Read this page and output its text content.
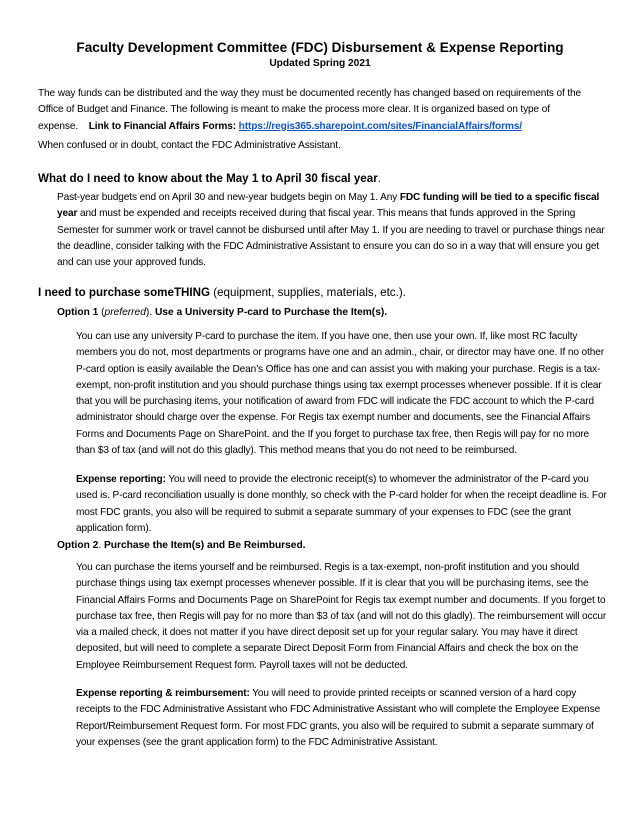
Faculty Development Committee (FDC) Disbursement & Expense Reporting
Updated Spring 2021

The way funds can be distributed and the way they must be documented recently has changed based on requirements of the Office of Budget and Finance. The following is meant to make the process more clear. It is organized based on type of expense. Link to Financial Affairs Forms: https://regis365.sharepoint.com/sites/FinancialAffairs/forms/

When confused or in doubt, contact the FDC Administrative Assistant.

What do I need to know about the May 1 to April 30 fiscal year.

Past-year budgets end on April 30 and new-year budgets begin on May 1. Any FDC funding will be tied to a specific fiscal year and must be expended and receipts received during that fiscal year. This means that funds approved in the Spring Semester for summer work or travel cannot be disbursed until after May 1. If you are needing to travel or purchase things near the deadline, consider talking with the FDC Administrative Assistant to ensure you can do so in a way that will ensure you get and can use your approved funds.

I need to purchase someTHING (equipment, supplies, materials, etc.).

Option 1 (preferred). Use a University P-card to Purchase the Item(s).

You can use any university P-card to purchase the item. If you have one, then use your own. If, like most RC faculty members you do not, most departments or programs have one and an admin., chair, or director may have one. If no other P-card option is easily available the Dean’s Office has one and can assist you with making your purchase. Regis is a tax-exempt, non-profit institution and you should purchase things using tax exempt processes whenever possible. If it is clear that you will be purchasing items, your notification of award from FDC will indicate the FDC account to which the P-card administrator should charge over the expense. For Regis tax exempt number and documents, see the Financial Affairs Forms and Documents Page on SharePoint. and the If you forget to purchase tax free, then Regis will pay for no more than $3 of tax (and will not do this gladly). This method means that you do not need to be reimbursed.

Expense reporting: You will need to provide the electronic receipt(s) to whomever the administrator of the P-card you used is. P-card reconciliation usually is done monthly, so check with the P-card holder for when the receipt deadline is. For most FDC grants, you also will be required to submit a separate summary of your expenses to FDC (see the grant application form).

Option 2. Purchase the Item(s) and Be Reimbursed.

You can purchase the items yourself and be reimbursed. Regis is a tax-exempt, non-profit institution and you should purchase things using tax exempt processes whenever possible. If it is clear that you will be purchasing items, see the Financial Affairs Forms and Documents Page on SharePoint for Regis tax exempt number and documents. If you forget to purchase tax free, then Regis will pay for no more than $3 of tax (and will not do this gladly). The reimbursement will occur via a mailed check, it does not matter if you have direct deposit set up for your regular salary. You may have it direct deposited, but will need to complete a separate Direct Deposit Form from Financial Affairs and check the box on the Employee Reimbursement Request form. Payroll taxes will not be deducted.

Expense reporting & reimbursement: You will need to provide printed receipts or scanned version of a hard copy receipts to the FDC Administrative Assistant who FDC Administrative Assistant who will complete the Employee Expense Report/Reimbursement Request form. For most FDC grants, you also will be required to submit a separate summary of your expenses (see the grant application form) to the FDC Administrative Assistant.
